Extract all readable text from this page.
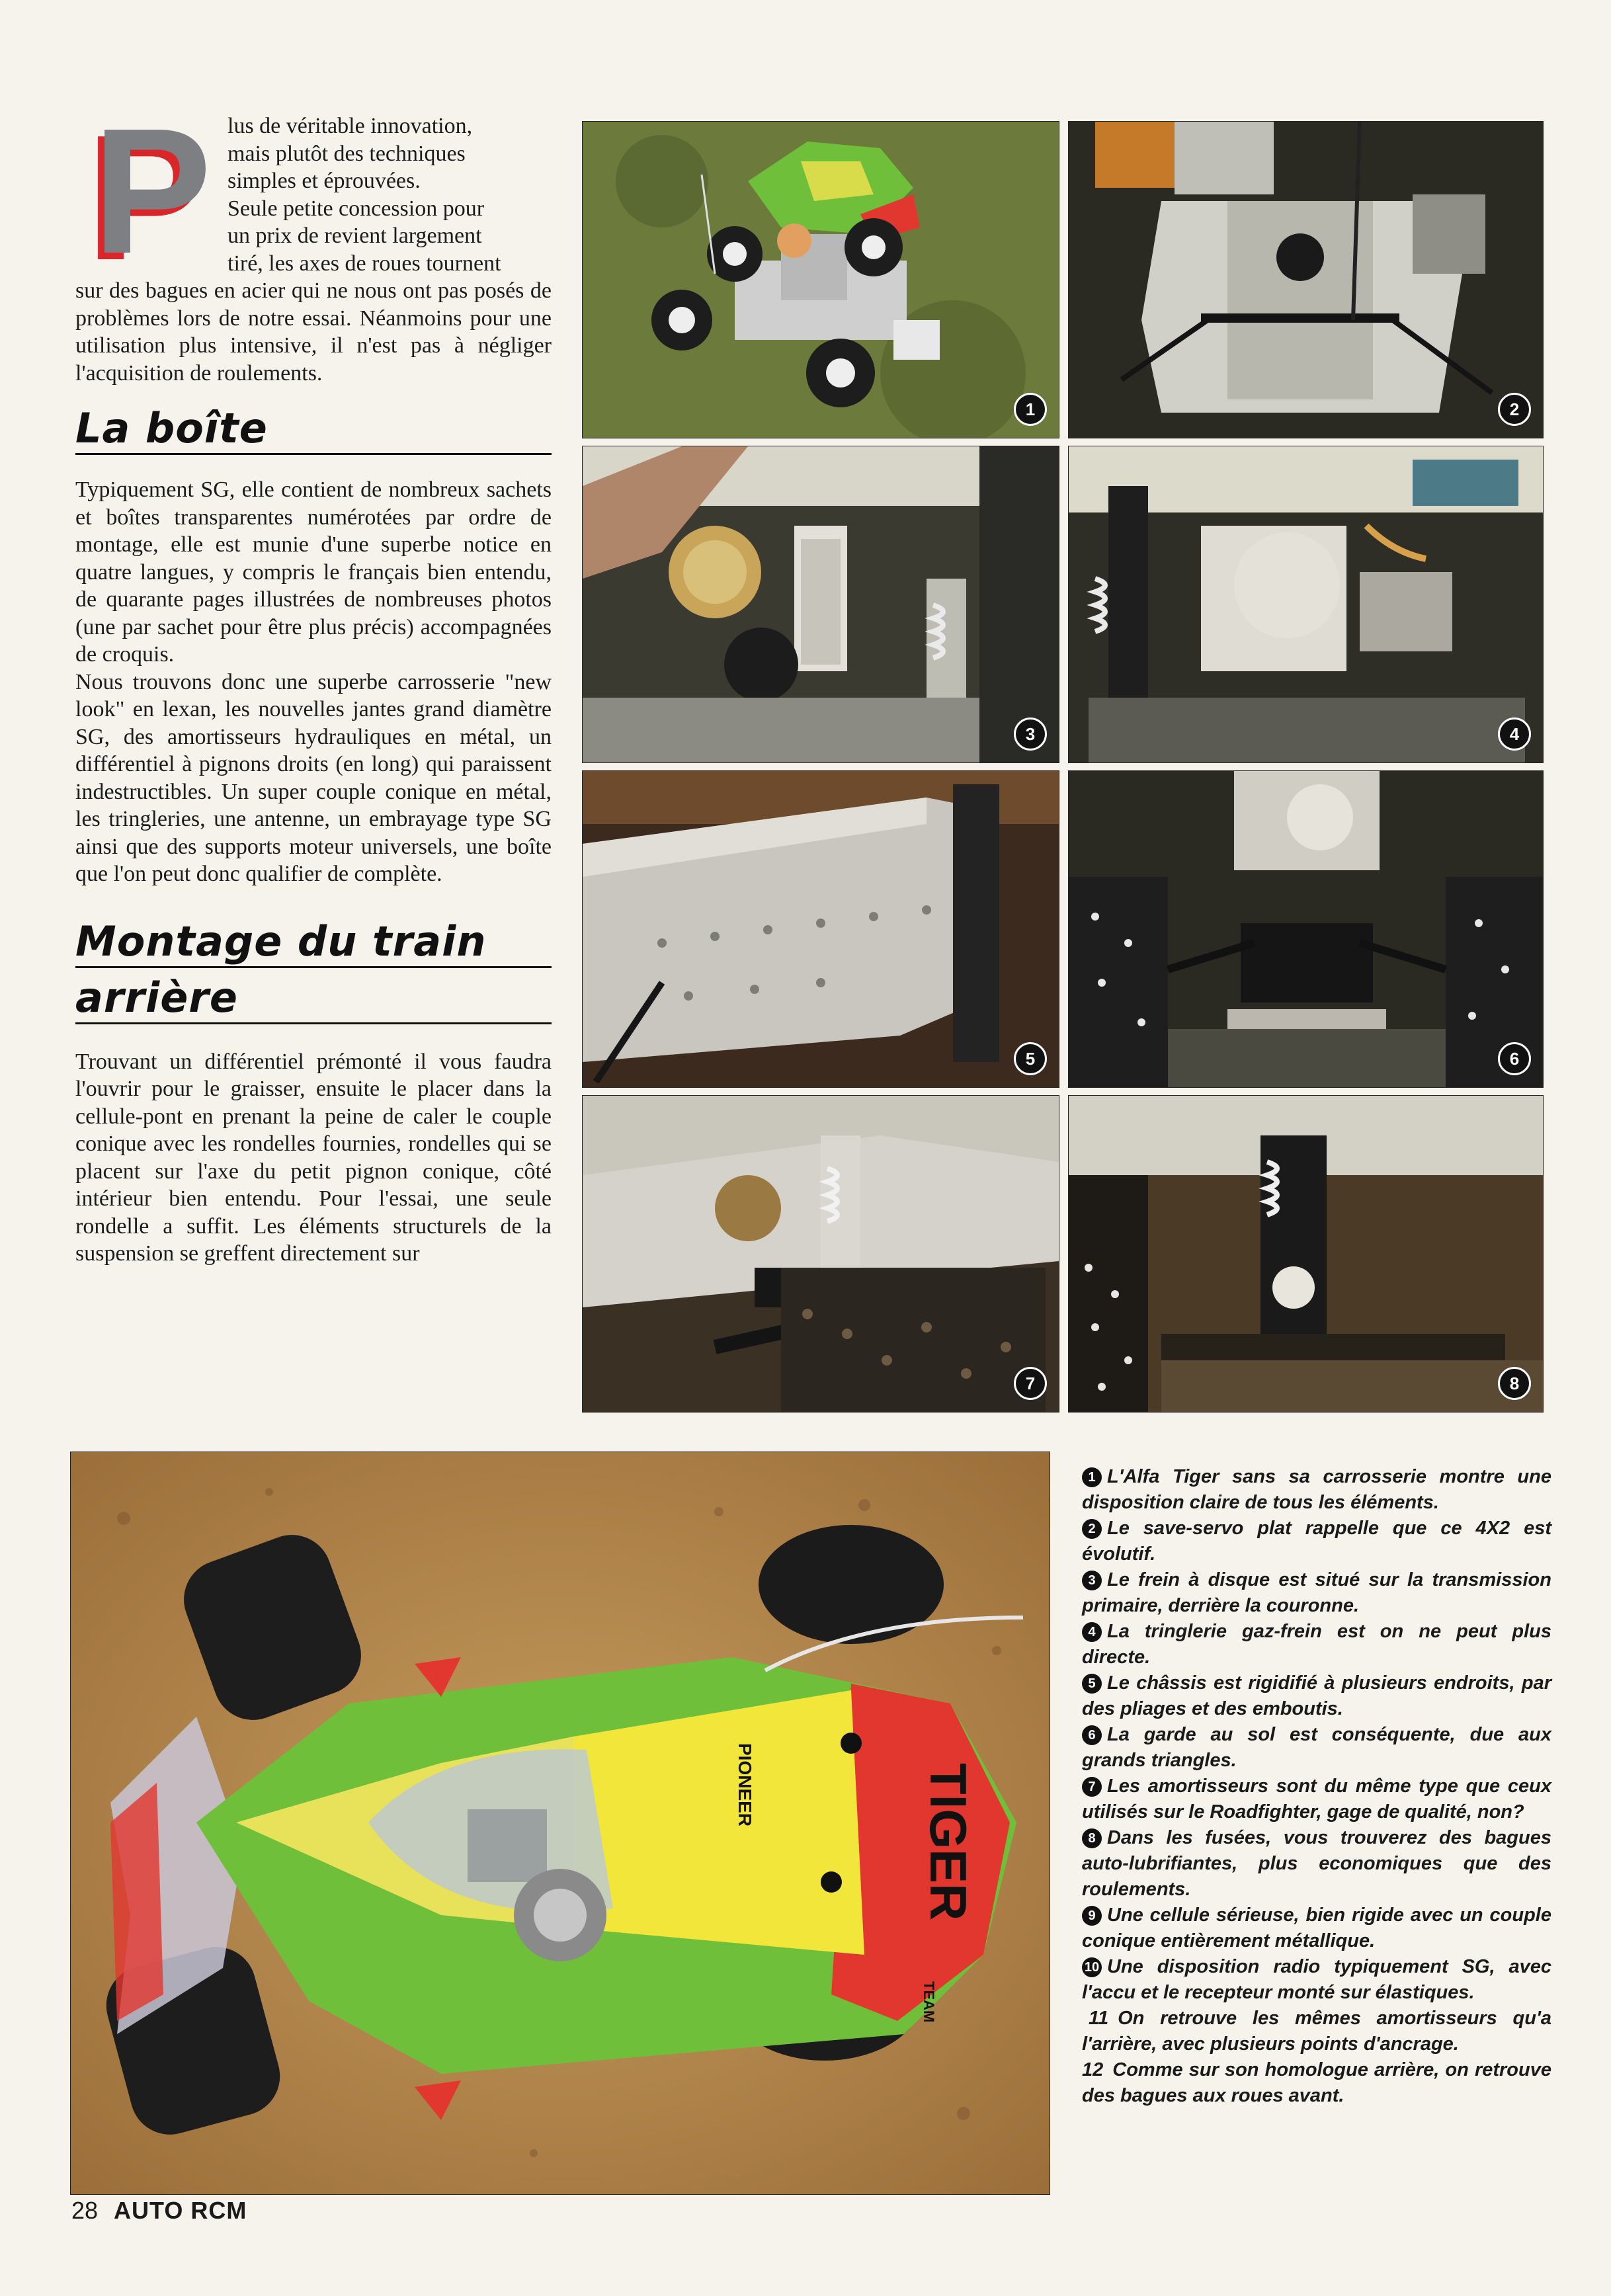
P lus de véritable innovation,

mais plutôt des techniques

simples et éprouvées.

Seule petite concession pour

un prix de revient largement

tiré, les axes de roues tournent

sur des bagues en acier qui ne nous ont pas posés de problèmes lors de notre essai. Néanmoins pour une utilisation plus intensive, il n'est pas à négliger l'acquisition de roulements.

La boîte

Typiquement SG, elle contient de nombreux sachets et boîtes transparentes numérotées par ordre de montage, elle est munie d'une superbe notice en quatre langues, y compris le français bien entendu, de quarante pages illustrées de nombreuses photos (une par sachet pour être plus précis) accompagnées de croquis.

Nous trouvons donc une superbe carrosserie "new look" en lexan, les nouvelles jantes grand diamètre SG, des amortisseurs hydrauliques en métal, un différentiel à pignons droits (en long) qui paraissent indestructibles. Un super couple conique en métal, les tringleries, une antenne, un embrayage type SG ainsi que des supports moteur universels, une boîte que l'on peut donc qualifier de complète.

Montage du train
arrière

Trouvant un différentiel prémonté il vous faudra l'ouvrir pour le graisser, ensuite le placer dans la cellule-pont en prenant la peine de caler le couple conique avec les rondelles fournies, rondelles qui se placent sur l'axe du petit pignon conique, côté intérieur bien entendu. Pour l'essai, une seule rondelle a suffit. Les éléments structurels de la suspension se greffent directement sur

1	2
3	4
5	6
7	8
TIGER
TEAM
PIONEER

1 L'Alfa Tiger sans sa carrosserie montre une disposition claire de tous les éléments.

2 Le save-servo plat rappelle que ce 4X2 est évolutif.

3 Le frein à disque est situé sur la transmission primaire, derrière la couronne.

4 La tringlerie gaz-frein est on ne peut plus directe.

5 Le châssis est rigidifié à plusieurs endroits, par des pliages et des emboutis.

6 La garde au sol est conséquente, due aux grands triangles.

7 Les amortisseurs sont du même type que ceux utilisés sur le Roadfighter, gage de qualité, non?

8 Dans les fusées, vous trouverez des bagues auto-lubrifiantes, plus economiques que des roulements.

9 Une cellule sérieuse, bien rigide avec un couple conique entièrement métallique.

10 Une disposition radio typiquement SG, avec l'accu et le recepteur monté sur élastiques.

11 On retrouve les mêmes amortisseurs qu'a l'arrière, avec plusieurs points d'ancrage.

12 Comme sur son homologue arrière, on retrouve des bagues aux roues avant.

28 AUTO RCM
